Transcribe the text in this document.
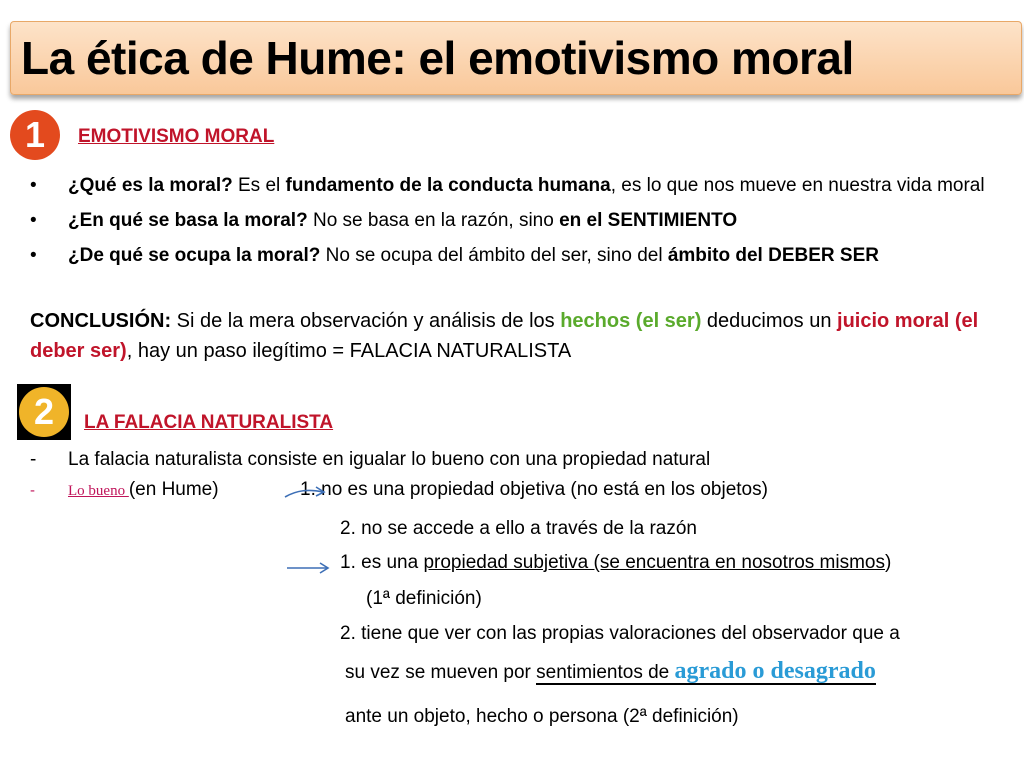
La ética de Hume: el emotivismo moral
1	EMOTIVISMO MORAL
• ¿Qué es la moral? Es el fundamento de la conducta humana, es lo que nos mueve en nuestra vida moral
• ¿En qué se basa la moral? No se basa en la razón, sino en el SENTIMIENTO
• ¿De qué se ocupa la moral? No se ocupa del ámbito del ser, sino del ámbito del DEBER SER
CONCLUSIÓN: Si de la mera observación y análisis de los hechos (el ser) deducimos un juicio moral (el deber ser), hay un paso ilegítimo = FALACIA NATURALISTA
2	LA FALACIA NATURALISTA
- La falacia naturalista consiste en igualar lo bueno con una propiedad natural
- Lo bueno (en Hume)	1. no es una propiedad objetiva (no está en los objetos)
2. no se accede a ello a través de la razón
1. es una propiedad subjetiva (se encuentra en nosotros mismos)
(1ª definición)
2. tiene que ver con las propias valoraciones del observador que a
su vez se mueven por sentimientos de agrado o desagrado
ante un objeto, hecho o persona (2ª definición)
